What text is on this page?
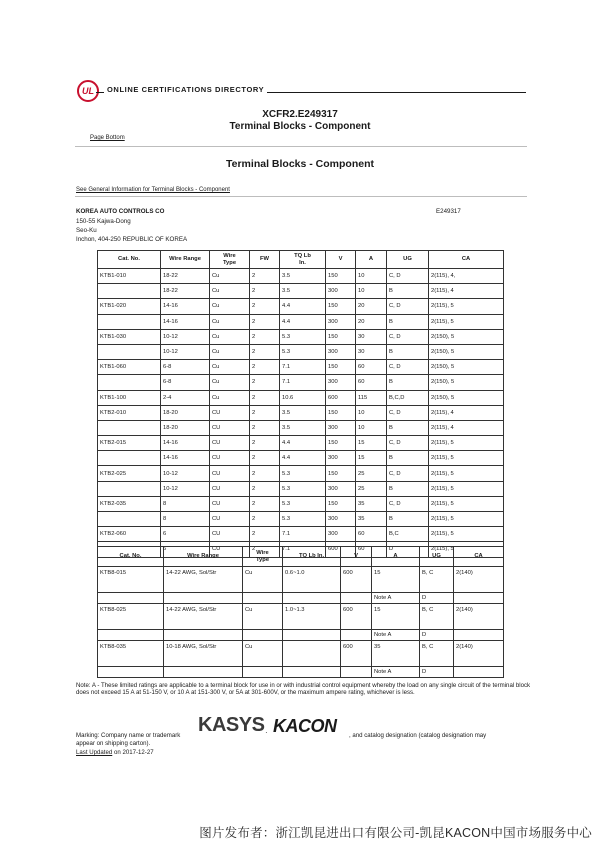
UL	ONLINE CERTIFICATIONS DIRECTORY
XCFR2.E249317
Terminal Blocks - Component
Page Bottom
Terminal Blocks - Component
See General Information for Terminal Blocks - Component
KOREA AUTO CONTROLS CO	E249317
150-55 Kajwa-Dong
Seo-Ku
Inchon, 404-250 REPUBLIC OF KOREA
Cat. No.	Wire Range	Wire Type	FW	TQ Lb In.	V	A	UG	CA
KTB1-010	18-22	Cu	2	3.5	150	10	C, D	2(115), 4,
	18-22	Cu	2	3.5	300	10	B	2(115), 4
KTB1-020	14-16	Cu	2	4.4	150	20	C, D	2(115), 5
	14-16	Cu	2	4.4	300	20	B	2(115), 5
KTB1-030	10-12	Cu	2	5.3	150	30	C, D	2(150), 5
	10-12	Cu	2	5.3	300	30	B	2(150), 5
KTB1-060	6-8	Cu	2	7.1	150	60	C, D	2(150), 5
	6-8	Cu	2	7.1	300	60	B	2(150), 5
KTB1-100	2-4	Cu	2	10.6	600	115	B,C,D	2(150), 5
KTB2-010	18-20	CU	2	3.5	150	10	C, D	2(115), 4
	18-20	CU	2	3.5	300	10	B	2(115), 4
KTB2-015	14-16	CU	2	4.4	150	15	C, D	2(115), 5
	14-16	CU	2	4.4	300	15	B	2(115), 5
KTB2-025	10-12	CU	2	5.3	150	25	C, D	2(115), 5
	10-12	CU	2	5.3	300	25	B	2(115), 5
KTB2-035	8	CU	2	5.3	150	35	C, D	2(115), 5
	8	CU	2	5.3	300	35	B	2(115), 5
KTB2-060	6	CU	2	7.1	300	60	B,C	2(115), 5
	6	CU	2	7.1	600	60	D	2(115), 5
Cat. No.	Wire Range	Wire Type	TQ Lb In.	V	A	UG	CA
KTB8-015	14-22 AWG, Sol/Str	Cu	0.6~1.0	600	15	B, C	2(140)
					Note A	D	
KTB8-025	14-22 AWG, Sol/Str	Cu	1.0~1.3	600	15	B, C	2(140)
					Note A	D	
KTB8-035	10-18 AWG, Sol/Str	Cu		600	35	B, C	2(140)
					Note A	D	
Note: A - These limited ratings are applicable to a terminal block for use in or with industrial control equipment whereby the load on any single circuit of the terminal block does not exceed 15 A at 51-150 V, or 10 A at 151-300 V, or 5A at 301-600V, or the maximum ampere rating, whichever is less.
Marking: Company name or trademark KASYS · KACON , and catalog designation (catalog designation may
appear on shipping carton).
Last Updated on 2017-12-27
图片发布者：浙江凯昆进出口有限公司-凯昆KACON中国市场服务中心
